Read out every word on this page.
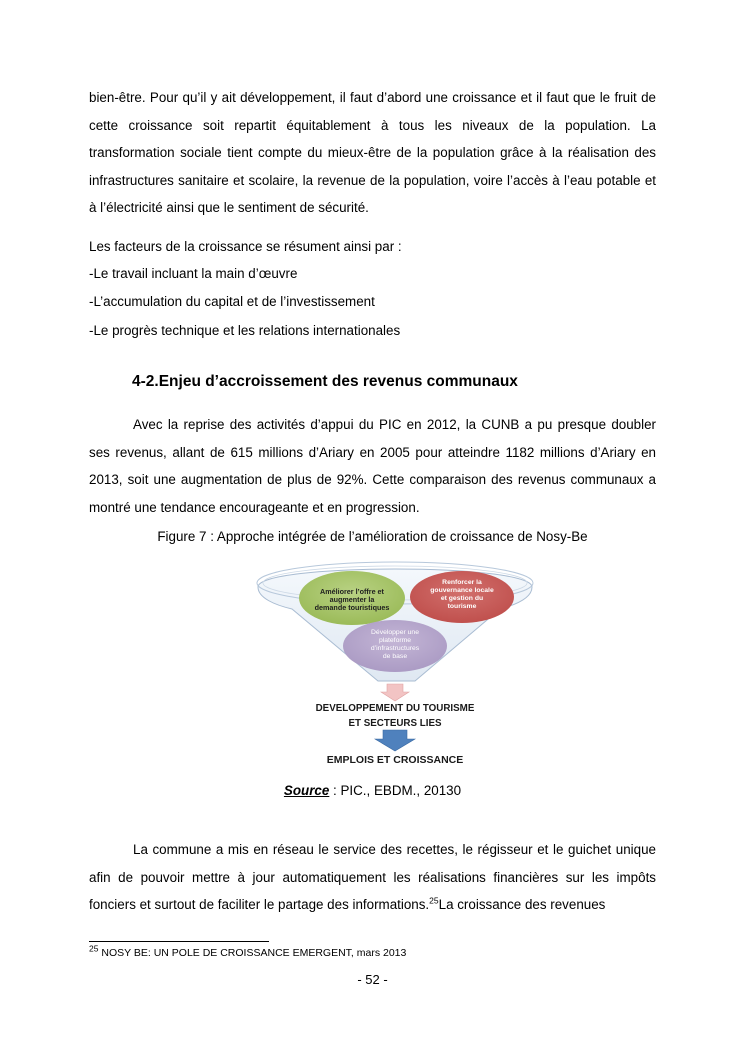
bien-être. Pour qu’il y ait développement, il faut d’abord une croissance et il faut que le fruit de cette croissance soit repartit équitablement à tous les niveaux de la population. La transformation sociale tient compte du mieux-être de la population grâce à la réalisation des infrastructures sanitaire et scolaire, la revenue de la population, voire l’accès à l’eau potable et à l’électricité ainsi que le sentiment de sécurité.

Les facteurs de la croissance se résument ainsi par :

-Le travail incluant la main d’œuvre

-L’accumulation du capital et de l’investissement

-Le progrès technique et les relations internationales

4-2.Enjeu d’accroissement des revenus communaux

Avec la reprise des activités d’appui du PIC en 2012, la CUNB a pu presque doubler ses revenus, allant de 615 millions d’Ariary en 2005 pour atteindre 1182 millions d’Ariary en 2013, soit une augmentation de plus de 92%. Cette comparaison des revenus communaux a montré une tendance encourageante et en progression.

Figure 7 : Approche intégrée de l’amélioration de croissance de Nosy-Be

Améliorer l’offre et
augmenter la
demande touristiques
Renforcer la
gouvernance locale
et gestion du
tourisme
Développer une
plateforme
d’infrastructures
de base
DEVELOPPEMENT DU TOURISME
ET SECTEURS LIES
EMPLOIS ET CROISSANCE

Source : PIC., EBDM., 20130

La commune a mis en réseau le service des recettes, le régisseur et le guichet unique afin de pouvoir mettre à jour automatiquement les réalisations financières sur les impôts fonciers et surtout de faciliter le partage des informations.$^{25}$La croissance des revenues

$^{25}$ NOSY BE: UN POLE DE CROISSANCE EMERGENT, mars 2013

- 52 -
